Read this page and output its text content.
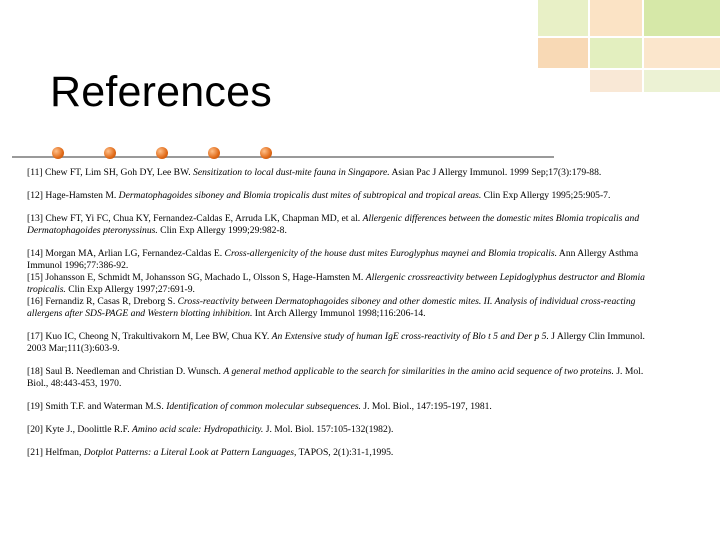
References

[11] Chew FT, Lim SH, Goh DY, Lee BW. Sensitization to local dust-mite fauna in Singapore. Asian Pac J Allergy Immunol. 1999 Sep;17(3):179-88.

[12] Hage-Hamsten M. Dermatophagoides siboney and Blomia tropicalis dust mites of subtropical and tropical areas. Clin Exp Allergy 1995;25:905-7.

[13] Chew FT, Yi FC, Chua KY, Fernandez-Caldas E, Arruda LK, Chapman MD, et al. Allergenic differences between the domestic mites Blomia tropicalis and Dermatophagoides pteronyssinus. Clin Exp Allergy 1999;29:982-8.

[14] Morgan MA, Arlian LG, Fernandez-Caldas E. Cross-allergenicity of the house dust mites Euroglyphus maynei and Blomia tropicalis. Ann Allergy Asthma Immunol 1996;77:386-92.

[15] Johansson E, Schmidt M, Johansson SG, Machado L, Olsson S, Hage-Hamsten M. Allergenic crossreactivity between Lepidoglyphus destructor and Blomia tropicalis. Clin Exp Allergy 1997;27:691-9.

[16] Fernandiz R, Casas R, Dreborg S. Cross-reactivity between Dermatophagoides siboney and other domestic mites. II. Analysis of individual cross-reacting allergens after SDS-PAGE and Western blotting inhibition. Int Arch Allergy Immunol 1998;116:206-14.

[17] Kuo IC, Cheong N, Trakultivakorn M, Lee BW, Chua KY. An Extensive study of human IgE cross-reactivity of Blo t 5 and Der p 5. J Allergy Clin Immunol. 2003 Mar;111(3):603-9.

[18] Saul B. Needleman and Christian D. Wunsch. A general method applicable to the search for similarities in the amino acid sequence of two proteins. J. Mol. Biol., 48:443-453, 1970.

[19] Smith T.F. and Waterman M.S. Identification of common molecular subsequences. J. Mol. Biol., 147:195-197, 1981.

[20] Kyte J., Doolittle R.F. Amino acid scale: Hydropathicity. J. Mol. Biol. 157:105-132(1982).

[21] Helfman, Dotplot Patterns: a Literal Look at Pattern Languages, TAPOS, 2(1):31-1,1995.
